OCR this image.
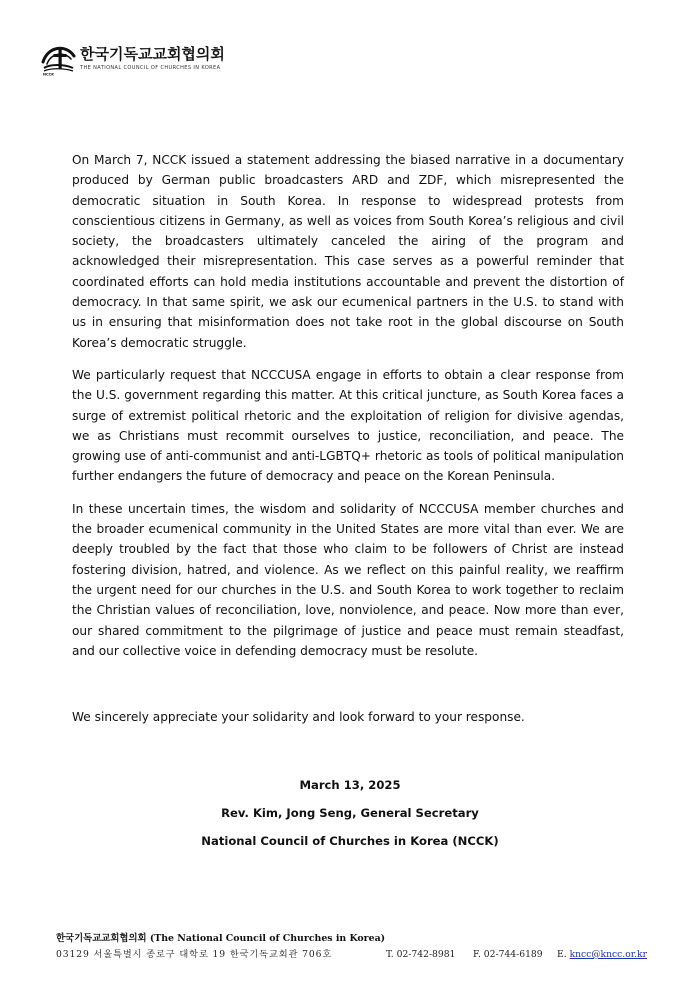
NCCK
한국기독교교회협의회
THE NATIONAL COUNCIL OF CHURCHES IN KOREA

On March 7, NCCK issued a statement addressing the biased narrative in a documentary produced by German public broadcasters ARD and ZDF, which misrepresented the democratic situation in South Korea. In response to widespread protests from conscientious citizens in Germany, as well as voices from South Korea’s religious and civil society, the broadcasters ultimately canceled the airing of the program and acknowledged their misrepresentation. This case serves as a powerful reminder that coordinated efforts can hold media institutions accountable and prevent the distortion of democracy. In that same spirit, we ask our ecumenical partners in the U.S. to stand with us in ensuring that misinformation does not take root in the global discourse on South Korea’s democratic struggle.

We particularly request that NCCCUSA engage in efforts to obtain a clear response from the U.S. government regarding this matter. At this critical juncture, as South Korea faces a surge of extremist political rhetoric and the exploitation of religion for divisive agendas, we as Christians must recommit ourselves to justice, reconciliation, and peace. The growing use of anti-communist and anti-LGBTQ+ rhetoric as tools of political manipulation further endangers the future of democracy and peace on the Korean Peninsula.

In these uncertain times, the wisdom and solidarity of NCCCUSA member churches and the broader ecumenical community in the United States are more vital than ever. We are deeply troubled by the fact that those who claim to be followers of Christ are instead fostering division, hatred, and violence. As we reflect on this painful reality, we reaffirm the urgent need for our churches in the U.S. and South Korea to work together to reclaim the Christian values of reconciliation, love, nonviolence, and peace. Now more than ever, our shared commitment to the pilgrimage of justice and peace must remain steadfast, and our collective voice in defending democracy must be resolute.

We sincerely appreciate your solidarity and look forward to your response.

March 13, 2025

Rev. Kim, Jong Seng, General Secretary

National Council of Churches in Korea (NCCK)

한국기독교교회협의회 (The National Council of Churches in Korea)
03129 서울특별시 종로구 대학로 19 한국기독교회관 706호	T. 02-742-8981	F. 02-744-6189	E. kncc@kncc.or.kr
